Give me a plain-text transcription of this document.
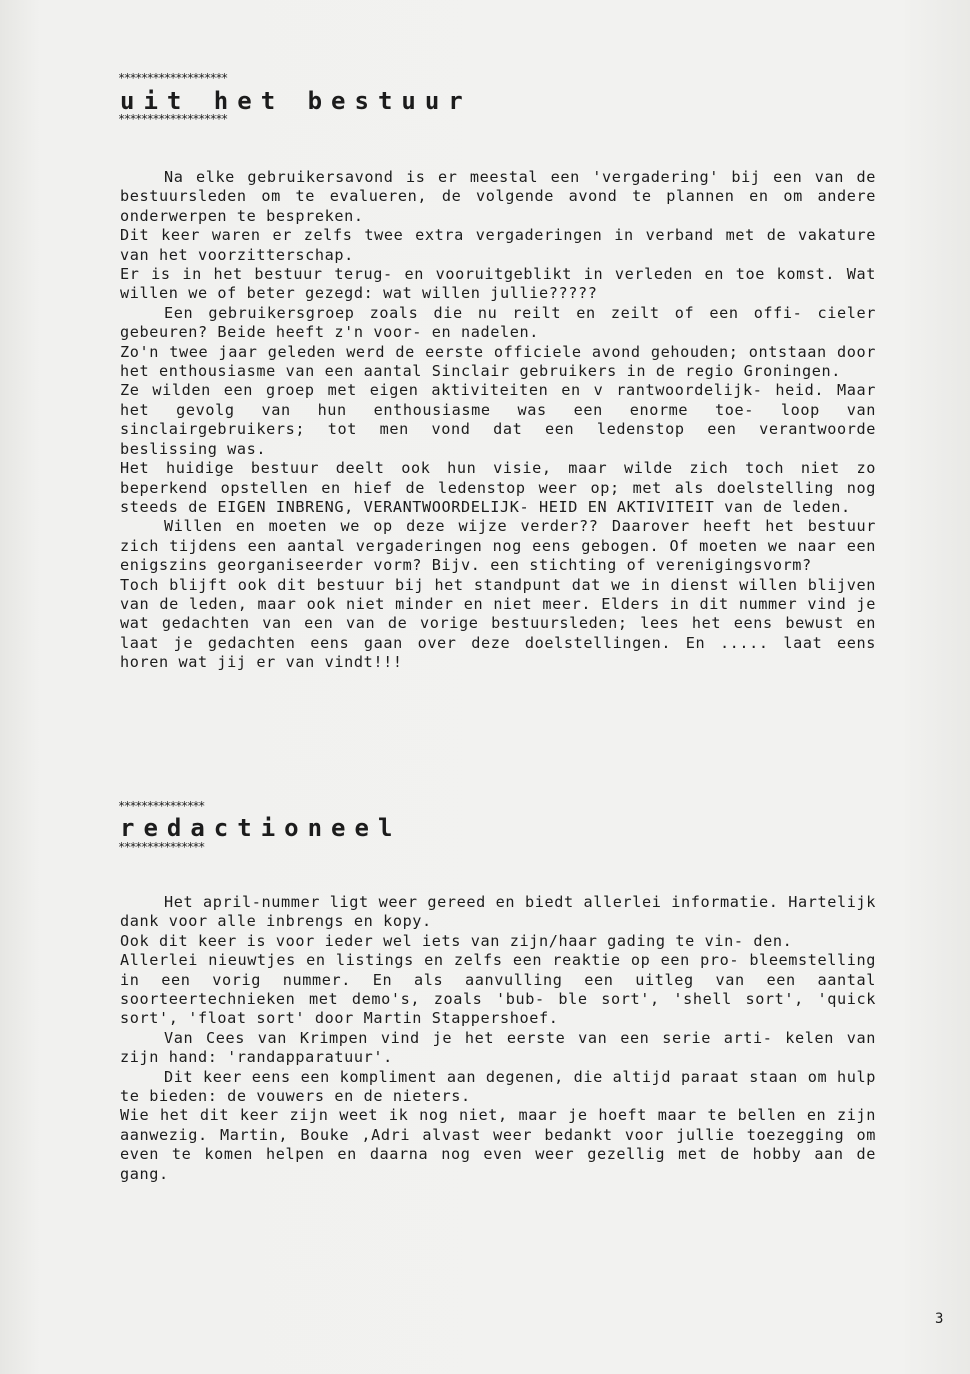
*******************
uit het bestuur
*******************

Na elke gebruikersavond is er meestal een 'vergadering' bij een van de bestuursleden om te evalueren, de volgende avond te plannen en om andere onderwerpen te bespreken.

Dit keer waren er zelfs twee extra vergaderingen in verband met de vakature van het voorzitterschap.

Er is in het bestuur terug- en vooruitgeblikt in verleden en toe komst. Wat willen we of beter gezegd: wat willen jullie?????

Een gebruikersgroep zoals die nu reilt en zeilt of een offi- cieler gebeuren? Beide heeft z'n voor- en nadelen.

Zo'n twee jaar geleden werd de eerste officiele avond gehouden; ontstaan door het enthousiasme van een aantal Sinclair gebruikers in de regio Groningen.

Ze wilden een groep met eigen aktiviteiten en v rantwoordelijk- heid. Maar het gevolg van hun enthousiasme was een enorme toe- loop van sinclairgebruikers; tot men vond dat een ledenstop een verantwoorde beslissing was.

Het huidige bestuur deelt ook hun visie, maar wilde zich toch niet zo beperkend opstellen en hief de ledenstop weer op; met als doelstelling nog steeds de EIGEN INBRENG, VERANTWOORDELIJK- HEID EN AKTIVITEIT van de leden.

Willen en moeten we op deze wijze verder?? Daarover heeft het bestuur zich tijdens een aantal vergaderingen nog eens gebogen. Of moeten we naar een enigszins georganiseerder vorm? Bijv. een stichting of verenigingsvorm?

Toch blijft ook dit bestuur bij het standpunt dat we in dienst willen blijven van de leden, maar ook niet minder en niet meer. Elders in dit nummer vind je wat gedachten van een van de vorige bestuursleden; lees het eens bewust en laat je gedachten eens gaan over deze doelstellingen. En ..... laat eens horen wat jij er van vindt!!!

***************
redactioneel
***************

Het april-nummer ligt weer gereed en biedt allerlei informatie. Hartelijk dank voor alle inbrengs en kopy.

Ook dit keer is voor ieder wel iets van zijn/haar gading te vin- den.

Allerlei nieuwtjes en listings en zelfs een reaktie op een pro- bleemstelling in een vorig nummer. En als aanvulling een uitleg van een aantal soorteertechnieken met demo's, zoals 'bub- ble sort', 'shell sort', 'quick sort', 'float sort' door Martin Stappershoef.

Van Cees van Krimpen vind je het eerste van een serie arti- kelen van zijn hand: 'randapparatuur'.

Dit keer eens een kompliment aan degenen, die altijd paraat staan om hulp te bieden: de vouwers en de nieters.

Wie het dit keer zijn weet ik nog niet, maar je hoeft maar te bellen en zijn aanwezig. Martin, Bouke ,Adri alvast weer bedankt voor jullie toezegging om even te komen helpen en daarna nog even weer gezellig met de hobby aan de gang.

3
